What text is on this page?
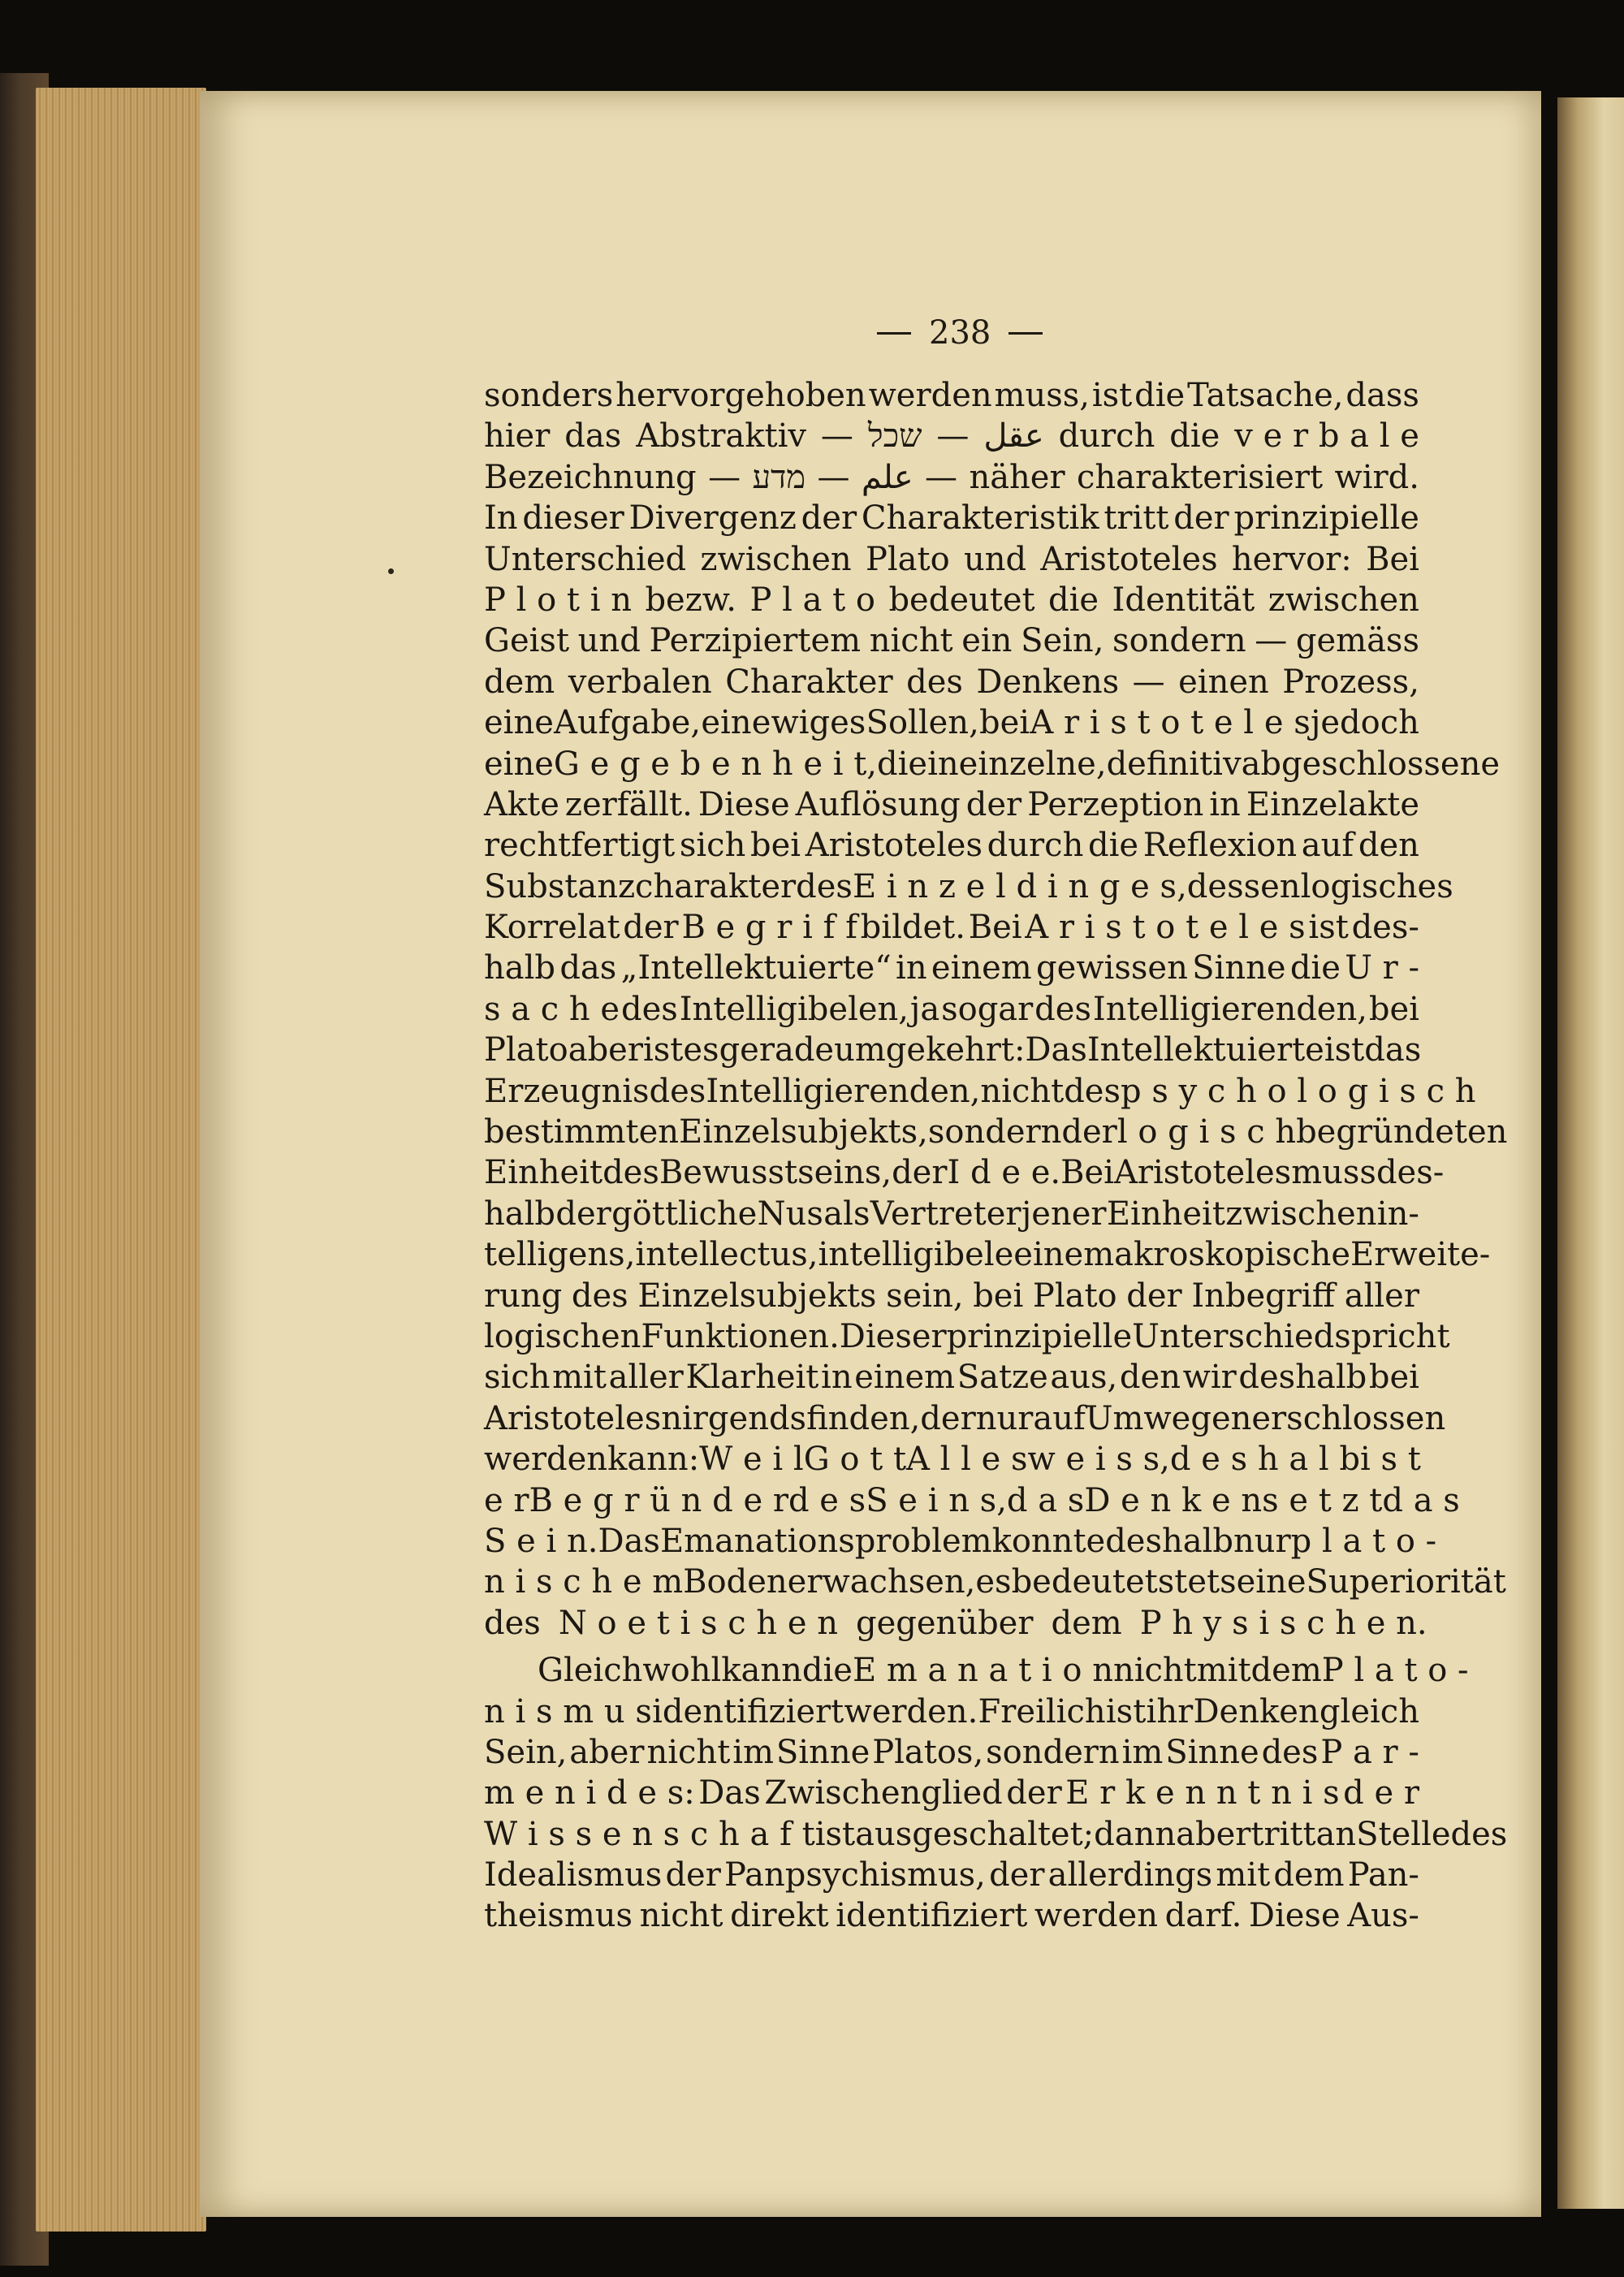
238
sonders hervorgehoben werden muss, ist die Tatsache, dass
hier das Abstraktiv — שכל — عقل durch die v e r b a l e
Bezeichnung — מדע — علم — näher charakterisiert wird.
In dieser Divergenz der Charakteristik tritt der prinzipielle
Unterschied zwischen Plato und Aristoteles hervor: Bei
P l o t i n bezw. P l a t o bedeutet die Identität zwischen
Geist und Perzipiertem nicht ein Sein, sondern — gemäss
dem verbalen Charakter des Denkens — einen Prozess,
eine Aufgabe, ein ewiges Sollen, bei A r i s t o t e l e s jedoch
eine G e g e b e n h e i t, die in einzelne, definitiv abgeschlossene
Akte zerfällt. Diese Auflösung der Perzeption in Einzelakte
rechtfertigt sich bei Aristoteles durch die Reflexion auf den
Substanzcharakter des E i n z e l d i n g e s, dessen logisches
Korrelat der B e g r i f f bildet. Bei A r i s t o t e l e s ist des-
halb das „Intellektuierte“ in einem gewissen Sinne die U r -
s a c h e des Intelligibelen, ja sogar des Intelligierenden, bei
Plato aber ist es gerade umgekehrt: Das Intellektuierte ist das
Erzeugnis des Intelligierenden, nicht des p s y c h o l o g i s c h
bestimmten Einzelsubjekts, sondern der l o g i s c h begründeten
Einheit des Bewusstseins, der I d e e. Bei Aristoteles muss des-
halb der göttliche Nus als Vertreter jener Einheit zwischen in-
telligens, intellectus, intelligibele eine makroskopische Erweite-
rung des Einzelsubjekts sein, bei Plato der Inbegriff aller
logischen Funktionen. Dieser prinzipielle Unterschied spricht
sich mit aller Klarheit in einem Satze aus, den wir deshalb bei
Aristoteles nirgends finden, der nur auf Umwegen erschlossen
werden kann: W e i l G o t t A l l e s w e i s s, d e s h a l b i s t
e r B e g r ü n d e r d e s S e i n s, d a s D e n k e n s e t z t d a s
S e i n. Das Emanationsproblem konnte deshalb nur p l a t o -
n i s c h e m Boden erwachsen, es bedeutet stets eine Superiorität
des N o e t i s c h e n gegenüber dem P h y s i s c h e n.
Gleichwohl kann die E m a n a t i o n nicht mit dem P l a t o -
n i s m u s identifiziert werden. Freilich ist ihr Denken gleich
Sein, aber nicht im Sinne Platos, sondern im Sinne des P a r -
m e n i d e s: Das Zwischenglied der E r k e n n t n i s d e r
W i s s e n s c h a f t ist ausgeschaltet; dann aber tritt an Stelle des
Idealismus der Panpsychismus, der allerdings mit dem Pan-
theismus nicht direkt identifiziert werden darf. Diese Aus-
